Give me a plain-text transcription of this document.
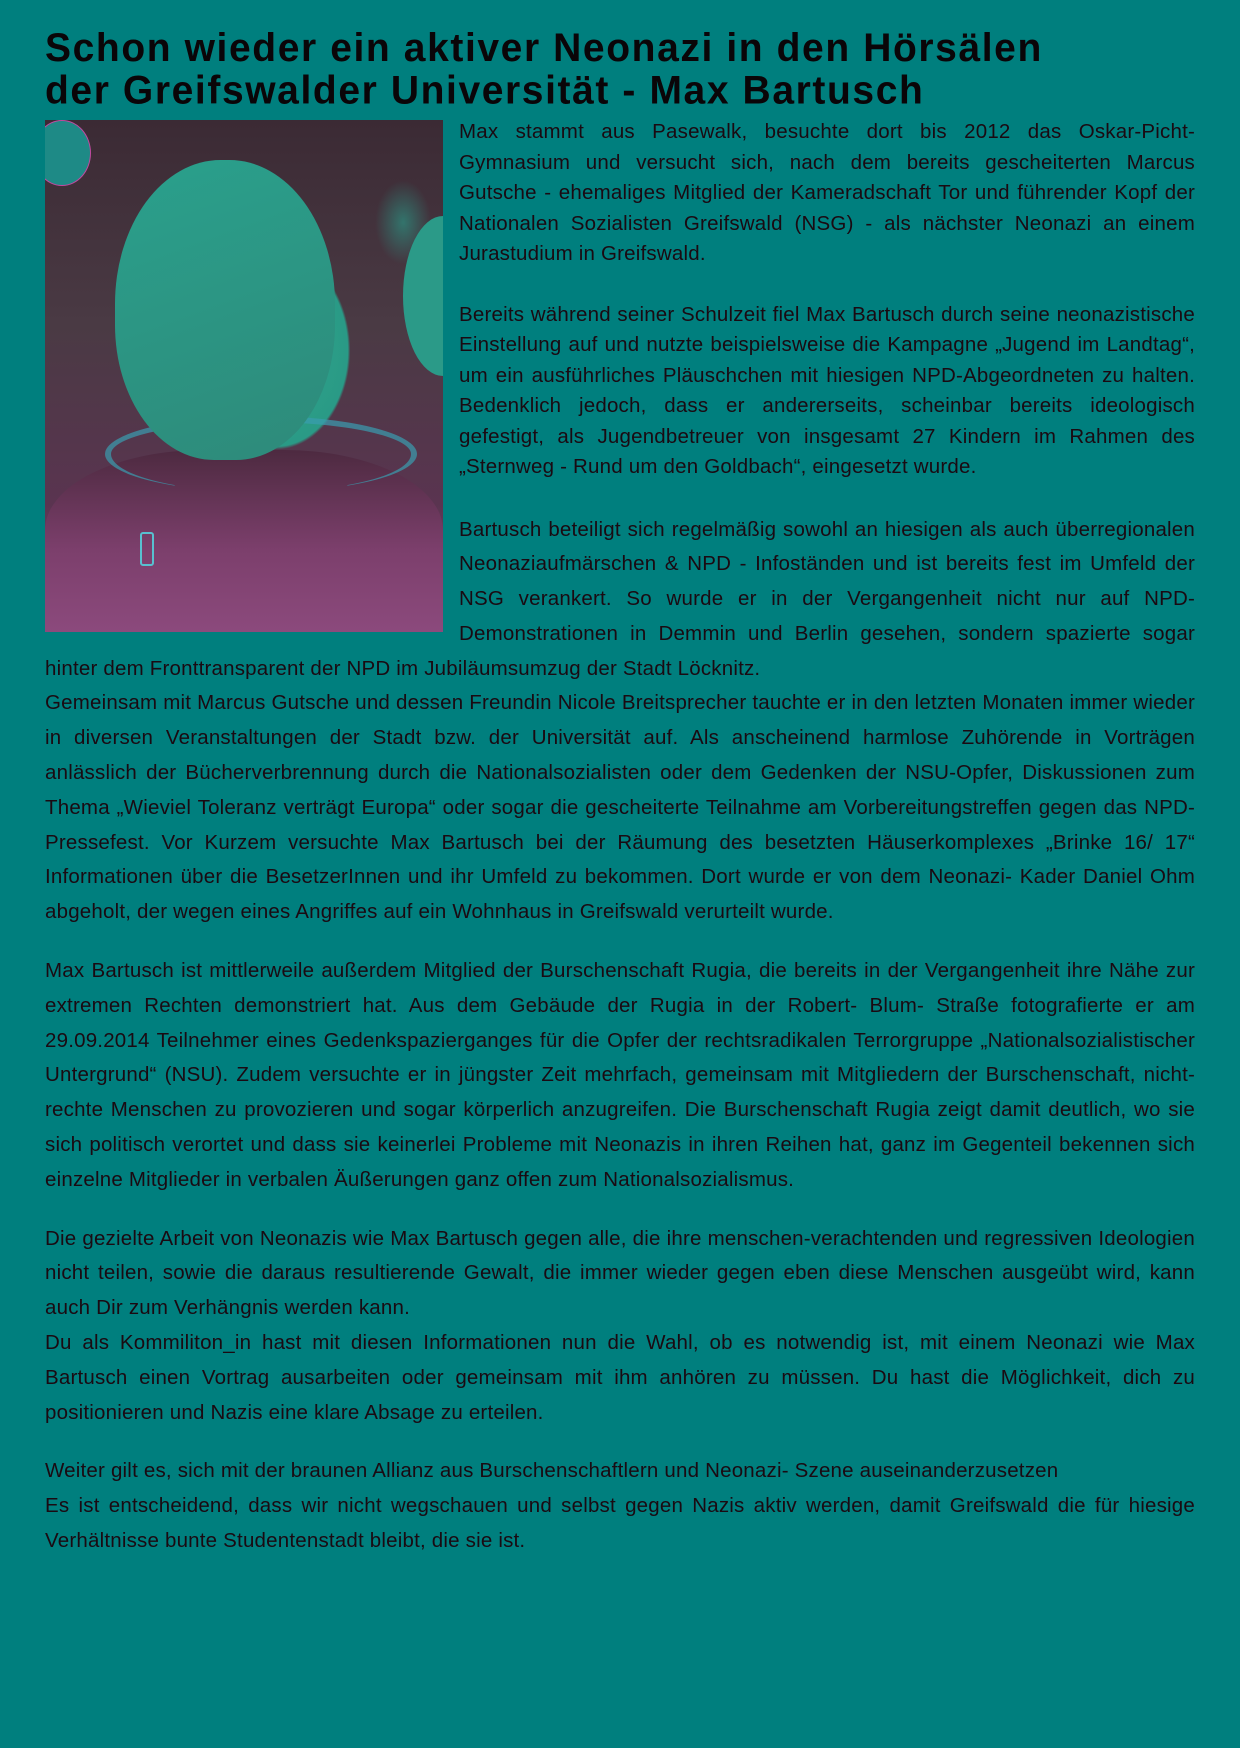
Schon wieder ein aktiver Neonazi in den Hörsälen
der Greifswalder Universität - Max Bartusch

Max stammt aus Pasewalk, besuchte dort bis 2012 das Oskar-Picht-Gymnasium und versucht sich, nach dem bereits gescheiterten Marcus Gutsche - ehemaliges Mitglied der Kameradschaft Tor und führender Kopf der Nationalen Sozialisten Greifswald (NSG) - als nächster Neonazi an einem Jurastudium in Greifswald.

Bereits während seiner Schulzeit fiel Max Bartusch durch seine neonazistische Einstellung auf und nutzte beispielsweise die Kampagne „Jugend im Landtag“, um ein ausführliches Pläuschchen mit hiesigen NPD-Abgeordneten zu halten. Bedenklich jedoch, dass er andererseits, scheinbar bereits ideologisch gefestigt, als Jugendbetreuer von insgesamt 27 Kindern im Rahmen des „Sternweg - Rund um den Goldbach“, eingesetzt wurde.

Bartusch beteiligt sich regelmäßig sowohl an hiesigen als auch überregionalen Neonaziaufmärschen & NPD - Infoständen und ist bereits fest im Umfeld der NSG verankert. So wurde er in der Vergangenheit nicht nur auf NPD-Demonstrationen in Demmin und Berlin gesehen, sondern spazierte sogar hinter dem Fronttransparent der NPD im Jubiläumsumzug der Stadt Löcknitz.

Gemeinsam mit Marcus Gutsche und dessen Freundin Nicole Breitsprecher tauchte er in den letzten Monaten immer wieder in diversen Veranstaltungen der Stadt bzw. der Universität auf. Als anscheinend harmlose Zuhörende in Vorträgen anlässlich der Bücherverbrennung durch die Nationalsozialisten oder dem Gedenken der NSU-Opfer, Diskussionen zum Thema „Wieviel Toleranz verträgt Europa“ oder sogar die gescheiterte Teilnahme am Vorbereitungstreffen gegen das NPD-Pressefest. Vor Kurzem versuchte Max Bartusch bei der Räumung des besetzten Häuserkomplexes „Brinke 16/ 17“ Informationen über die BesetzerInnen und ihr Umfeld zu bekommen. Dort wurde er von dem Neonazi- Kader Daniel Ohm abgeholt, der wegen eines Angriffes auf ein Wohnhaus in Greifswald verurteilt wurde.

Max Bartusch ist mittlerweile außerdem Mitglied der Burschenschaft Rugia, die bereits in der Vergangenheit ihre Nähe zur extremen Rechten demonstriert hat. Aus dem Gebäude der Rugia in der Robert- Blum- Straße fotografierte er am 29.09.2014 Teilnehmer eines Gedenkspazierganges für die Opfer der rechtsradikalen Terrorgruppe „Nationalsozialistischer Untergrund“ (NSU). Zudem versuchte er in jüngster Zeit mehrfach, gemeinsam mit Mitgliedern der Burschenschaft, nicht- rechte Menschen zu provozieren und sogar körperlich anzugreifen. Die Burschenschaft Rugia zeigt damit deutlich, wo sie sich politisch verortet und dass sie keinerlei Probleme mit Neonazis in ihren Reihen hat, ganz im Gegenteil bekennen sich einzelne Mitglieder in verbalen Äußerungen ganz offen zum Nationalsozialismus.

Die gezielte Arbeit von Neonazis wie Max Bartusch gegen alle, die ihre menschen-verachtenden und regressiven Ideologien nicht teilen, sowie die daraus resultierende Gewalt, die immer wieder gegen eben diese Menschen ausgeübt wird, kann auch Dir zum Verhängnis werden kann.

Du als Kommiliton_in hast mit diesen Informationen nun die Wahl, ob es notwendig ist, mit einem Neonazi wie Max Bartusch einen Vortrag ausarbeiten oder gemeinsam mit ihm anhören zu müssen. Du hast die Möglichkeit, dich zu positionieren und Nazis eine klare Absage zu erteilen.

Weiter gilt es, sich mit der braunen Allianz aus Burschenschaftlern und Neonazi- Szene auseinanderzusetzen

Es ist entscheidend, dass wir nicht wegschauen und selbst gegen Nazis aktiv werden, damit Greifswald die für hiesige Verhältnisse bunte Studentenstadt bleibt, die sie ist.
